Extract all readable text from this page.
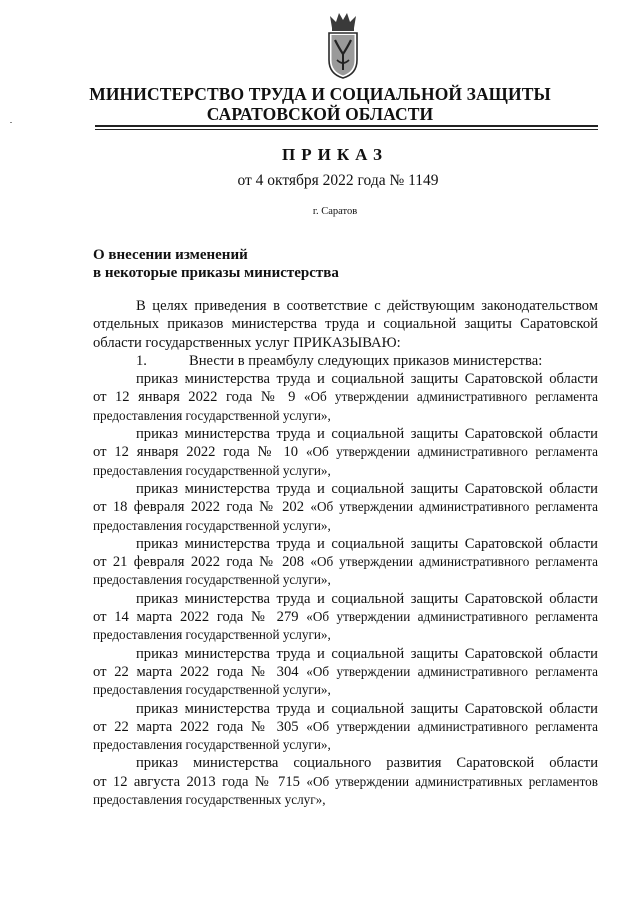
МИНИСТЕРСТВО ТРУДА И СОЦИАЛЬНОЙ ЗАЩИТЫ
САРАТОВСКОЙ ОБЛАСТИ
ПРИКАЗ
от 4 октября 2022 года № 1149
г. Саратов
О внесении изменений
в некоторые приказы министерства

В целях приведения в соответствие с действующим законодательством отдельных приказов министерства труда и социальной защиты Саратовской области государственных услуг ПРИКАЗЫВАЮ:

1.	Внести в преамбулу следующих приказов министерства:
приказ министерства труда и социальной защиты Саратовской области
от 12 января 2022 года № 9 «Об утверждении административного регламента
предоставления государственной услуги»,
приказ министерства труда и социальной защиты Саратовской области
от 12 января 2022 года № 10 «Об утверждении административного регламента
предоставления государственной услуги»,
приказ министерства труда и социальной защиты Саратовской области
от 18 февраля 2022 года № 202 «Об утверждении административного регламента
предоставления государственной услуги»,
приказ министерства труда и социальной защиты Саратовской области
от 21 февраля 2022 года № 208 «Об утверждении административного регламента
предоставления государственной услуги»,
приказ министерства труда и социальной защиты Саратовской области
от 14 марта 2022 года № 279 «Об утверждении административного регламента
предоставления государственной услуги»,
приказ министерства труда и социальной защиты Саратовской области
от 22 марта 2022 года № 304 «Об утверждении административного регламента
предоставления государственной услуги»,
приказ министерства труда и социальной защиты Саратовской области
от 22 марта 2022 года № 305 «Об утверждении административного регламента
предоставления государственной услуги»,
приказ министерства социального развития Саратовской области
от 12 августа 2013 года № 715 «Об утверждении административных регламентов
предоставления государственных услуг»,
